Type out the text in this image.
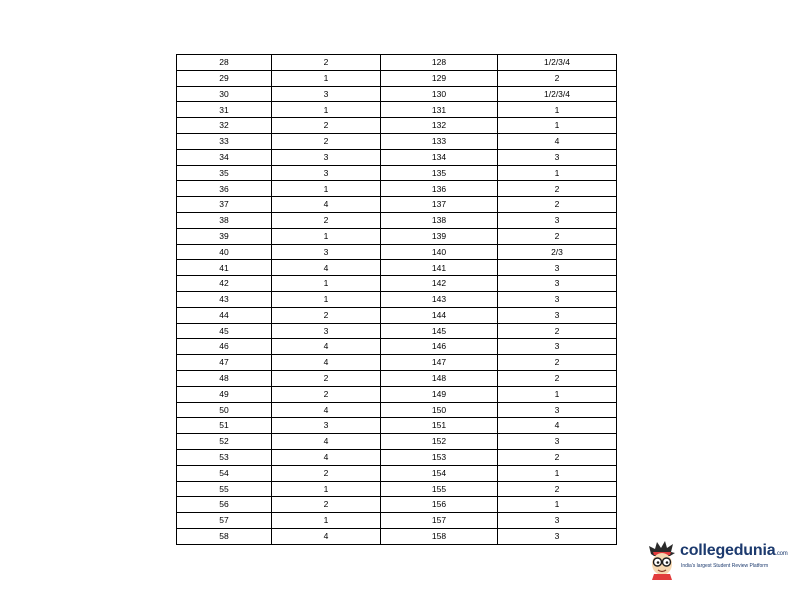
28	2	128	1/2/3/4
29	1	129	2
30	3	130	1/2/3/4
31	1	131	1
32	2	132	1
33	2	133	4
34	3	134	3
35	3	135	1
36	1	136	2
37	4	137	2
38	2	138	3
39	1	139	2
40	3	140	2/3
41	4	141	3
42	1	142	3
43	1	143	3
44	2	144	3
45	3	145	2
46	4	146	3
47	4	147	2
48	2	148	2
49	2	149	1
50	4	150	3
51	3	151	4
52	4	152	3
53	4	153	2
54	2	154	1
55	1	155	2
56	2	156	1
57	1	157	3
58	4	158	3
collegedunia.com
India's largest Student Review Platform
